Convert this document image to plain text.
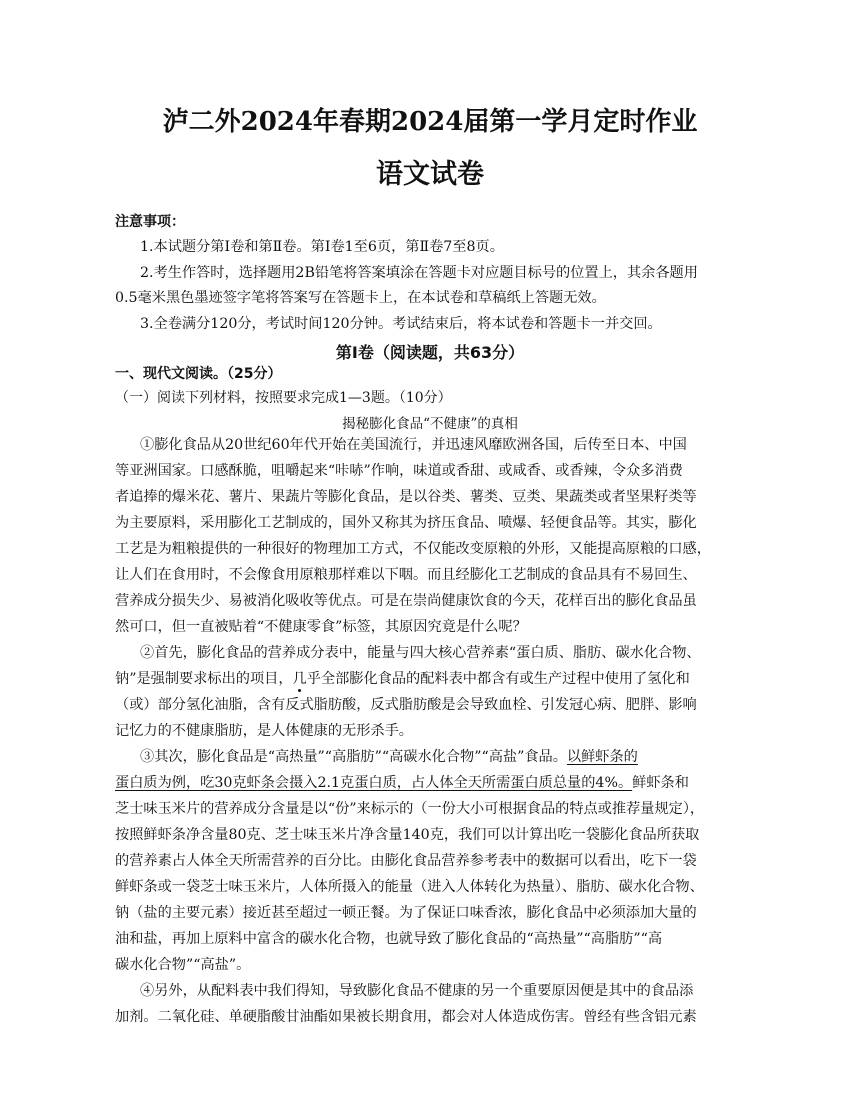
泸二外2024年春期2024届第一学月定时作业
语文试卷
注意事项：
1.本试题分第Ⅰ卷和第Ⅱ卷。第Ⅰ卷1至6页，第Ⅱ卷7至8页。
2.考生作答时，选择题用2B铅笔将答案填涂在答题卡对应题目标号的位置上，其余各题用
0.5毫米黑色墨迹签字笔将答案写在答题卡上，在本试卷和草稿纸上答题无效。
3.全卷满分120分，考试时间120分钟。考试结束后，将本试卷和答题卡一并交回。
第Ⅰ卷（阅读题，共63分）
一、现代文阅读。（25分）
（一）阅读下列材料，按照要求完成1—3题。（10分）
揭秘膨化食品“不健康”的真相
①膨化食品从20世纪60年代开始在美国流行，并迅速风靡欧洲各国，后传至日本、中国
等亚洲国家。口感酥脆，咀嚼起来“咔哧”作响，味道或香甜、或咸香、或香辣，令众多消费
者追捧的爆米花、薯片、果蔬片等膨化食品，是以谷类、薯类、豆类、果蔬类或者坚果籽类等
为主要原料，采用膨化工艺制成的，国外又称其为挤压食品、喷爆、轻便食品等。其实，膨化
工艺是为粗粮提供的一种很好的物理加工方式，不仅能改变原粮的外形，又能提高原粮的口感，
让人们在食用时，不会像食用原粮那样难以下咽。而且经膨化工艺制成的食品具有不易回生、
营养成分损失少、易被消化吸收等优点。可是在崇尚健康饮食的今天，花样百出的膨化食品虽
然可口，但一直被贴着“不健康零食”标签，其原因究竟是什么呢？
②首先，膨化食品的营养成分表中，能量与四大核心营养素“蛋白质、脂肪、碳水化合物、
钠”是强制要求标出的项目，几乎全部膨化食品的配料表中都含有或生产过程中使用了氢化和
（或）部分氢化油脂，含有反式脂肪酸，反式脂肪酸是会导致血栓、引发冠心病、肥胖、影响
记忆力的不健康脂肪，是人体健康的无形杀手。
③其次，膨化食品是“高热量”“高脂肪”“高碳水化合物”“高盐”食品。以鲜虾条的
蛋白质为例，吃30克虾条会摄入2.1克蛋白质，占人体全天所需蛋白质总量的4%。鲜虾条和
芝士味玉米片的营养成分含量是以“份”来标示的（一份大小可根据食品的特点或推荐量规定），
按照鲜虾条净含量80克、芝士味玉米片净含量140克，我们可以计算出吃一袋膨化食品所获取
的营养素占人体全天所需营养的百分比。由膨化食品营养参考表中的数据可以看出，吃下一袋
鲜虾条或一袋芝士味玉米片，人体所摄入的能量（进入人体转化为热量）、脂肪、碳水化合物、
钠（盐的主要元素）接近甚至超过一顿正餐。为了保证口味香浓，膨化食品中必须添加大量的
油和盐，再加上原料中富含的碳水化合物，也就导致了膨化食品的“高热量”“高脂肪”“高
碳水化合物”“高盐”。
④另外，从配料表中我们得知，导致膨化食品不健康的另一个重要原因便是其中的食品添
加剂。二氧化硅、单硬脂酸甘油酯如果被长期食用，都会对人体造成伤害。曾经有些含铝元素
